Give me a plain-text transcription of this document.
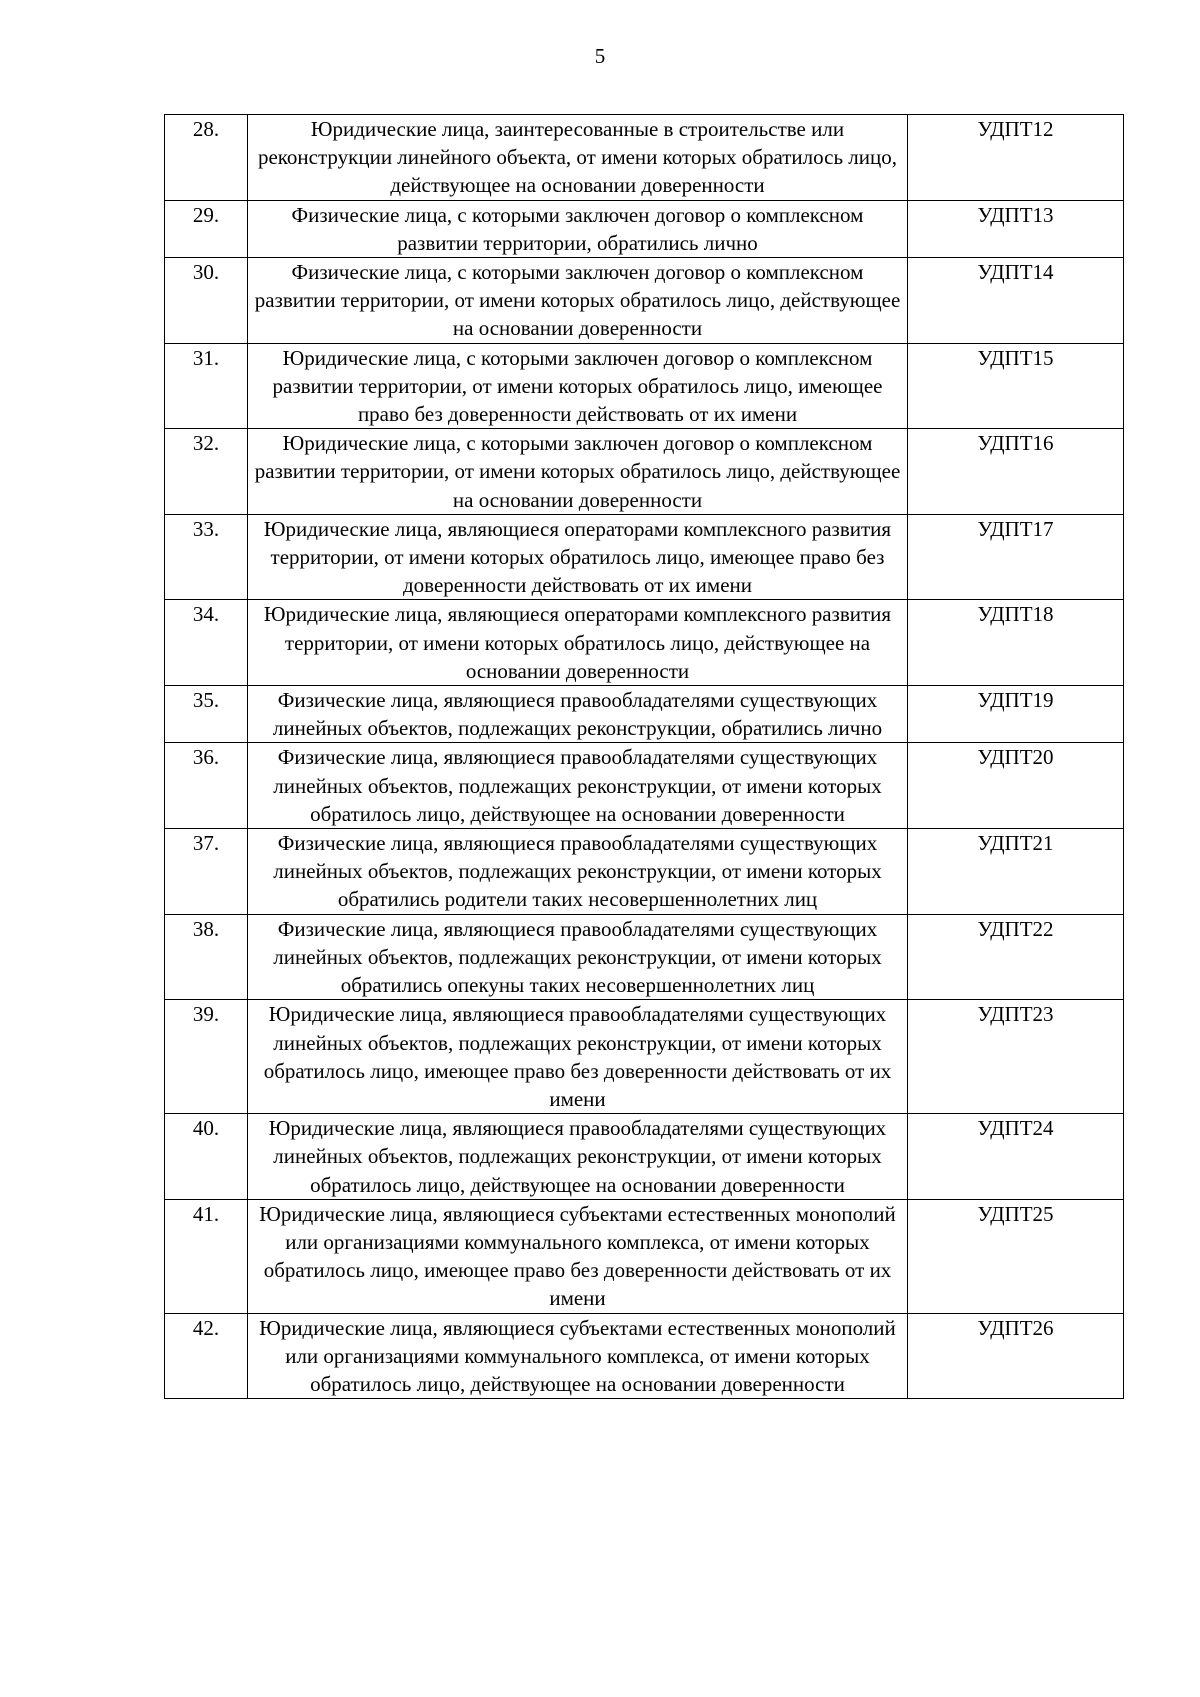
5
28.	Юридические лица, заинтересованные в строительстве или реконструкции линейного объекта, от имени которых обратилось лицо, действующее на основании доверенности	УДПТ12
29.	Физические лица, с которыми заключен договор о комплексном развитии территории, обратились лично	УДПТ13
30.	Физические лица, с которыми заключен договор о комплексном развитии территории, от имени которых обратилось лицо, действующее на основании доверенности	УДПТ14
31.	Юридические лица, с которыми заключен договор о комплексном развитии территории, от имени которых обратилось лицо, имеющее право без доверенности действовать от их имени	УДПТ15
32.	Юридические лица, с которыми заключен договор о комплексном развитии территории, от имени которых обратилось лицо, действующее на основании доверенности	УДПТ16
33.	Юридические лица, являющиеся операторами комплексного развития территории, от имени которых обратилось лицо, имеющее право без доверенности действовать от их имени	УДПТ17
34.	Юридические лица, являющиеся операторами комплексного развития территории, от имени которых обратилось лицо, действующее на основании доверенности	УДПТ18
35.	Физические лица, являющиеся правообладателями существующих линейных объектов, подлежащих реконструкции, обратились лично	УДПТ19
36.	Физические лица, являющиеся правообладателями существующих линейных объектов, подлежащих реконструкции, от имени которых обратилось лицо, действующее на основании доверенности	УДПТ20
37.	Физические лица, являющиеся правообладателями существующих линейных объектов, подлежащих реконструкции, от имени которых обратились родители таких несовершеннолетних лиц	УДПТ21
38.	Физические лица, являющиеся правообладателями существующих линейных объектов, подлежащих реконструкции, от имени которых обратились опекуны таких несовершеннолетних лиц	УДПТ22
39.	Юридические лица, являющиеся правообладателями существующих линейных объектов, подлежащих реконструкции, от имени которых обратилось лицо, имеющее право без доверенности действовать от их имени	УДПТ23
40.	Юридические лица, являющиеся правообладателями существующих линейных объектов, подлежащих реконструкции, от имени которых обратилось лицо, действующее на основании доверенности	УДПТ24
41.	Юридические лица, являющиеся субъектами естественных монополий или организациями коммунального комплекса, от имени которых обратилось лицо, имеющее право без доверенности действовать от их имени	УДПТ25
42.	Юридические лица, являющиеся субъектами естественных монополий или организациями коммунального комплекса, от имени которых обратилось лицо, действующее на основании доверенности	УДПТ26
